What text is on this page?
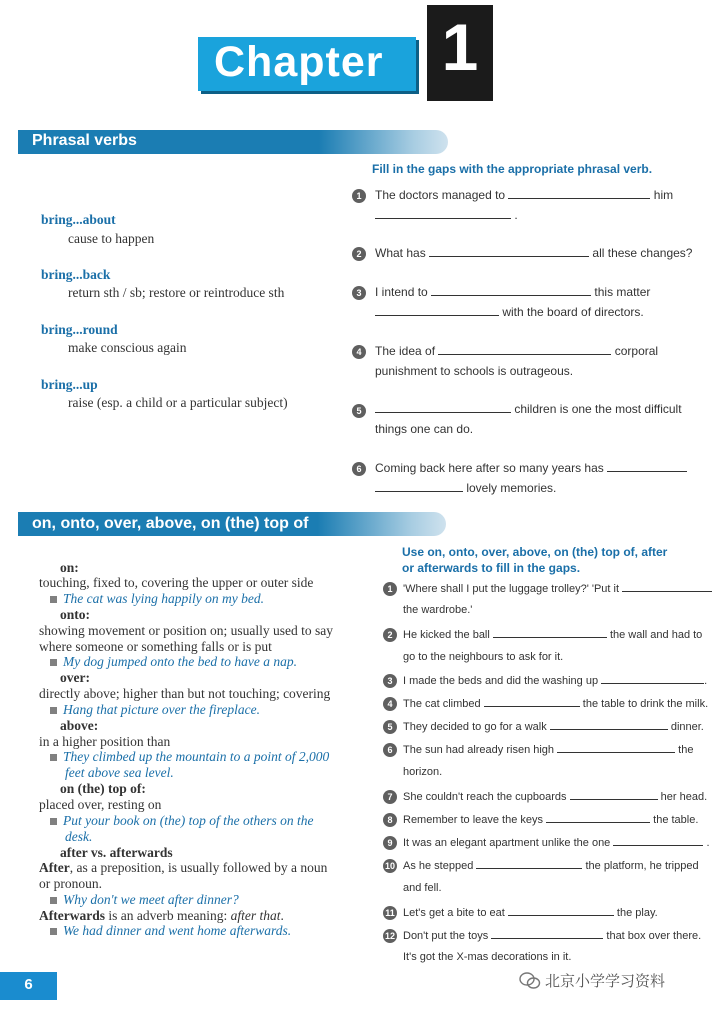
Chapter 1
Phrasal verbs
bring...about
cause to happen
bring...back
return sth / sb; restore or reintroduce sth
bring...round
make conscious again
bring...up
raise (esp. a child or a particular subject)
Fill in the gaps with the appropriate phrasal verb.
1	The doctors managed to	him
.
2	What has	all these changes?
3	I intend to	this matter
with the board of directors.
4	The idea of	corporal
punishment to schools is outrageous.
5	children is one the most difficult
things one can do.
6	Coming back here after so many years has
lovely memories.
on, onto, over, above, on (the) top of
on:
touching, fixed to, covering the upper or outer side
The cat was lying happily on my bed.
onto:
showing movement or position on; usually used to say
where someone or something falls or is put
My dog jumped onto the bed to have a nap.
over:
directly above; higher than but not touching; covering
Hang that picture over the fireplace.
above:
in a higher position than
They climbed up the mountain to a point of 2,000
feet above sea level.
on (the) top of:
placed over, resting on
Put your book on (the) top of the others on the
desk.
after vs. afterwards
After, as a preposition, is usually followed by a noun
or pronoun.
Why don't we meet after dinner?
Afterwards is an adverb meaning: after that.
We had dinner and went home afterwards.
Use on, onto, over, above, on (the) top of, after
or afterwards to fill in the gaps.
1 'Where shall I put the luggage trolley?' 'Put it
the wardrobe.'
2 He kicked the ball	the wall and had to
go to the neighbours to ask for it.
3 I made the beds and did the washing up	.
4 The cat climbed	the table to drink the milk.
5 They decided to go for a walk	dinner.
6 The sun had already risen high	the
horizon.
7 She couldn't reach the cupboards	her head.
8 Remember to leave the keys	the table.
9 It was an elegant apartment unlike the one	.
10 As he stepped	the platform, he tripped
and fell.
11 Let's get a bite to eat	the play.
12 Don't put the toys	that box over there.
It's got the X-mas decorations in it.
6	北京小学学习资料
